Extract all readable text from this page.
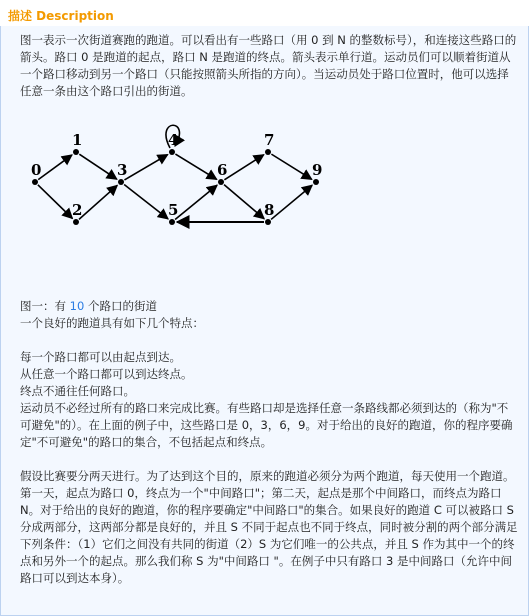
描述 Description

图一表示一次街道赛跑的跑道。可以看出有一些路口（用 0 到 N 的整数标号），和连接这些路口的箭头。路口 0 是跑道的起点，路口 N 是跑道的终点。箭头表示单行道。运动员们可以顺着街道从一个路口移动到另一个路口（只能按照箭头所指的方向）。当运动员处于路口位置时，他可以选择任意一条由这个路口引出的街道。

0
1
2
3
4
5
6
7
8
9
图一：有 10 个路口的街道
一个良好的跑道具有如下几个特点：
每一个路口都可以由起点到达。
从任意一个路口都可以到达终点。
终点不通往任何路口。

运动员不必经过所有的路口来完成比赛。有些路口却是选择任意一条路线都必须到达的（称为"不可避免"的）。在上面的例子中，这些路口是 0，3，6，9。对于给出的良好的跑道，你的程序要确定"不可避免"的路口的集合，不包括起点和终点。

假设比赛要分两天进行。为了达到这个目的，原来的跑道必须分为两个跑道，每天使用一个跑道。第一天，起点为路口 0，终点为一个"中间路口"；第二天，起点是那个中间路口，而终点为路口 N。对于给出的良好的跑道，你的程序要确定"中间路口"的集合。如果良好的跑道 C 可以被路口 S 分成两部分，这两部分都是良好的，并且 S 不同于起点也不同于终点，同时被分割的两个部分满足下列条件：（1）它们之间没有共同的街道（2）S 为它们唯一的公共点，并且 S 作为其中一个的终点和另外一个的起点。那么我们称 S 为"中间路口 "。在例子中只有路口 3 是中间路口（允许中间路口可以到达本身）。
